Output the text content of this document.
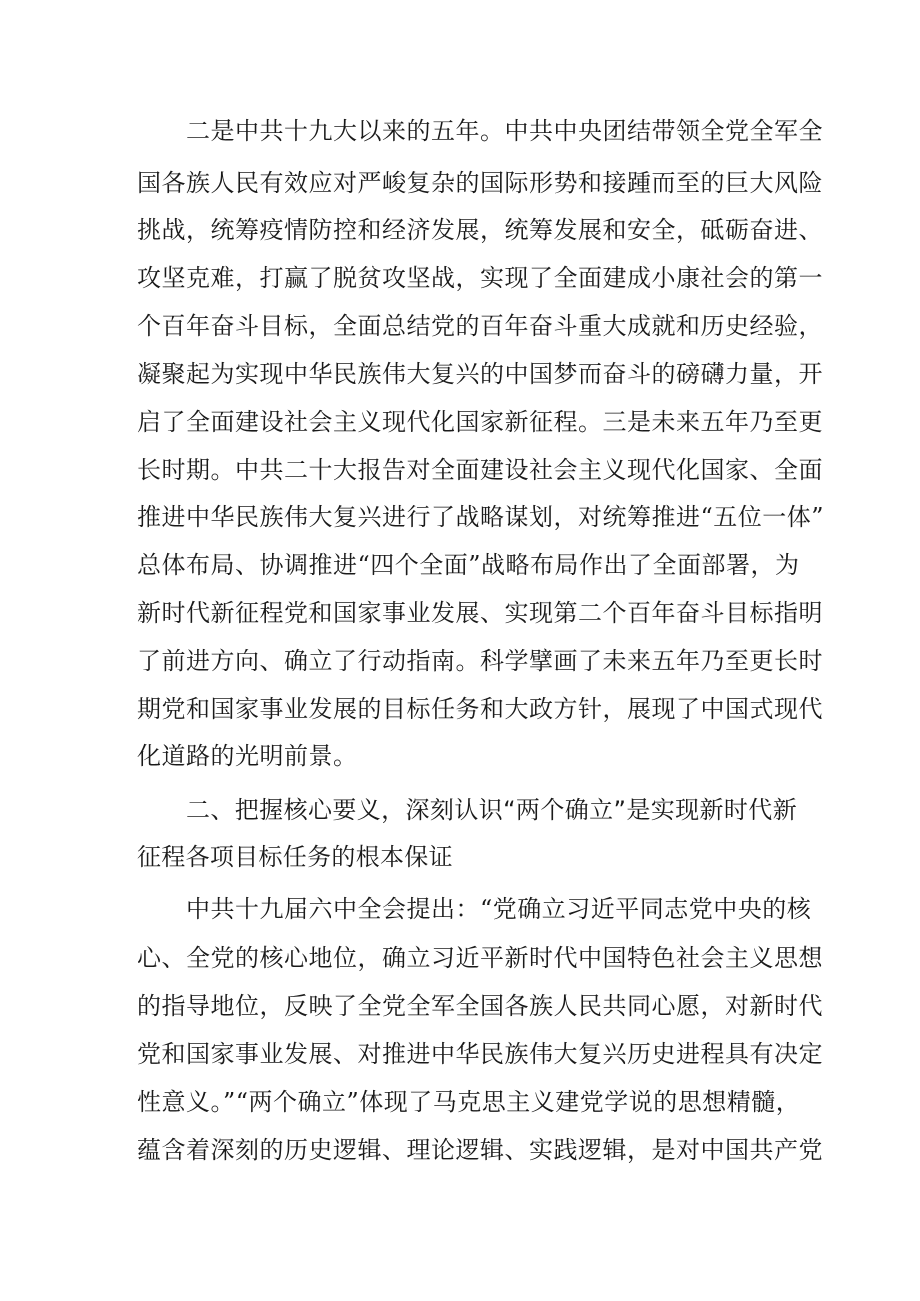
二是中共十九大以来的五年。中共中央团结带领全党全军全
国各族人民有效应对严峻复杂的国际形势和接踵而至的巨大风险
挑战，统筹疫情防控和经济发展，统筹发展和安全，砥砺奋进、
攻坚克难，打赢了脱贫攻坚战，实现了全面建成小康社会的第一
个百年奋斗目标，全面总结党的百年奋斗重大成就和历史经验，
凝聚起为实现中华民族伟大复兴的中国梦而奋斗的磅礴力量，开
启了全面建设社会主义现代化国家新征程。三是未来五年乃至更
长时期。中共二十大报告对全面建设社会主义现代化国家、全面
推进中华民族伟大复兴进行了战略谋划，对统筹推进“五位一体”
总体布局、协调推进“四个全面”战略布局作出了全面部署，为
新时代新征程党和国家事业发展、实现第二个百年奋斗目标指明
了前进方向、确立了行动指南。科学擘画了未来五年乃至更长时
期党和国家事业发展的目标任务和大政方针，展现了中国式现代
化道路的光明前景。
二、把握核心要义，深刻认识“两个确立”是实现新时代新
征程各项目标任务的根本保证
中共十九届六中全会提出：“党确立习近平同志党中央的核
心、全党的核心地位，确立习近平新时代中国特色社会主义思想
的指导地位，反映了全党全军全国各族人民共同心愿，对新时代
党和国家事业发展、对推进中华民族伟大复兴历史进程具有决定
性意义。”“两个确立”体现了马克思主义建党学说的思想精髓，
蕴含着深刻的历史逻辑、理论逻辑、实践逻辑，是对中国共产党
